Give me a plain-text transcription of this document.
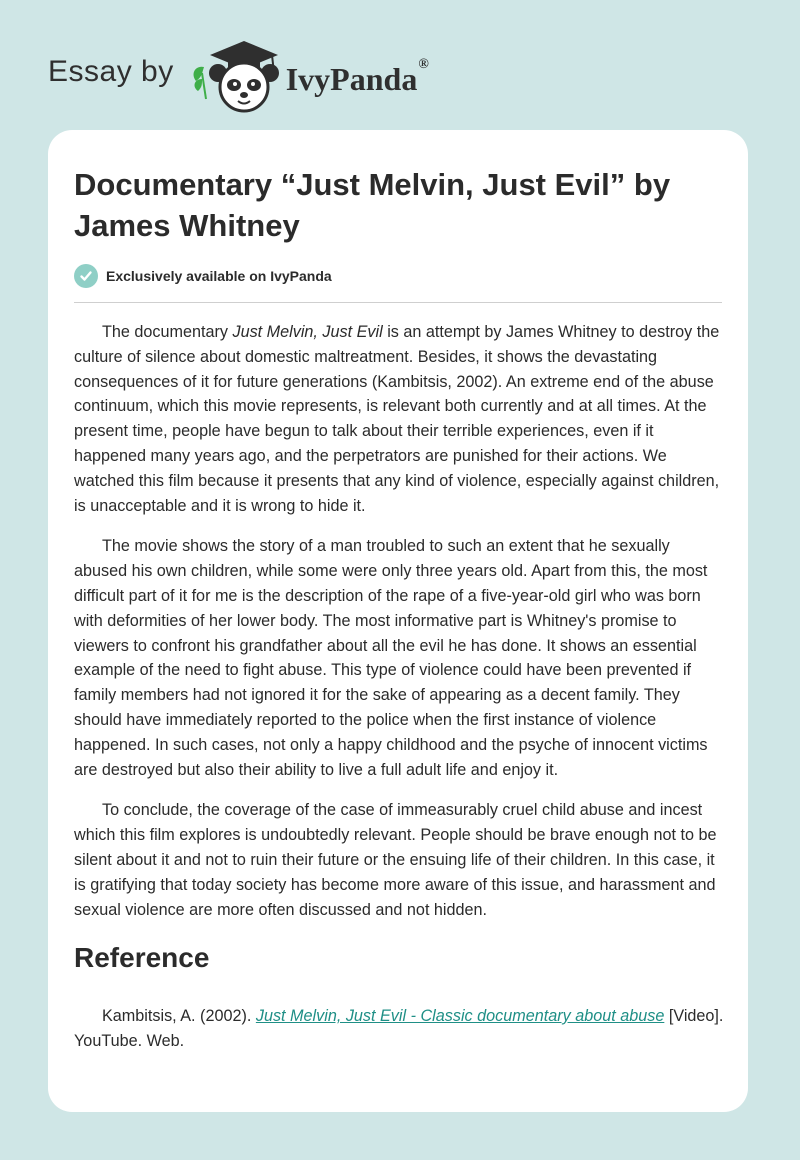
Essay by	IvyPanda®
Documentary “Just Melvin, Just Evil” by James Whitney
Exclusively available on IvyPanda

The documentary Just Melvin, Just Evil is an attempt by James Whitney to destroy the culture of silence about domestic maltreatment. Besides, it shows the devastating consequences of it for future generations (Kambitsis, 2002). An extreme end of the abuse continuum, which this movie represents, is relevant both currently and at all times. At the present time, people have begun to talk about their terrible experiences, even if it happened many years ago, and the perpetrators are punished for their actions. We watched this film because it presents that any kind of violence, especially against children, is unacceptable and it is wrong to hide it.

The movie shows the story of a man troubled to such an extent that he sexually abused his own children, while some were only three years old. Apart from this, the most difficult part of it for me is the description of the rape of a five-year-old girl who was born with deformities of her lower body. The most informative part is Whitney's promise to viewers to confront his grandfather about all the evil he has done. It shows an essential example of the need to fight abuse. This type of violence could have been prevented if family members had not ignored it for the sake of appearing as a decent family. They should have immediately reported to the police when the first instance of violence happened. In such cases, not only a happy childhood and the psyche of innocent victims are destroyed but also their ability to live a full adult life and enjoy it.

To conclude, the coverage of the case of immeasurably cruel child abuse and incest which this film explores is undoubtedly relevant. People should be brave enough not to be silent about it and not to ruin their future or the ensuing life of their children. In this case, it is gratifying that today society has become more aware of this issue, and harassment and sexual violence are more often discussed and not hidden.

Reference
Kambitsis, A. (2002). Just Melvin, Just Evil - Classic documentary about abuse [Video]. YouTube. Web.
